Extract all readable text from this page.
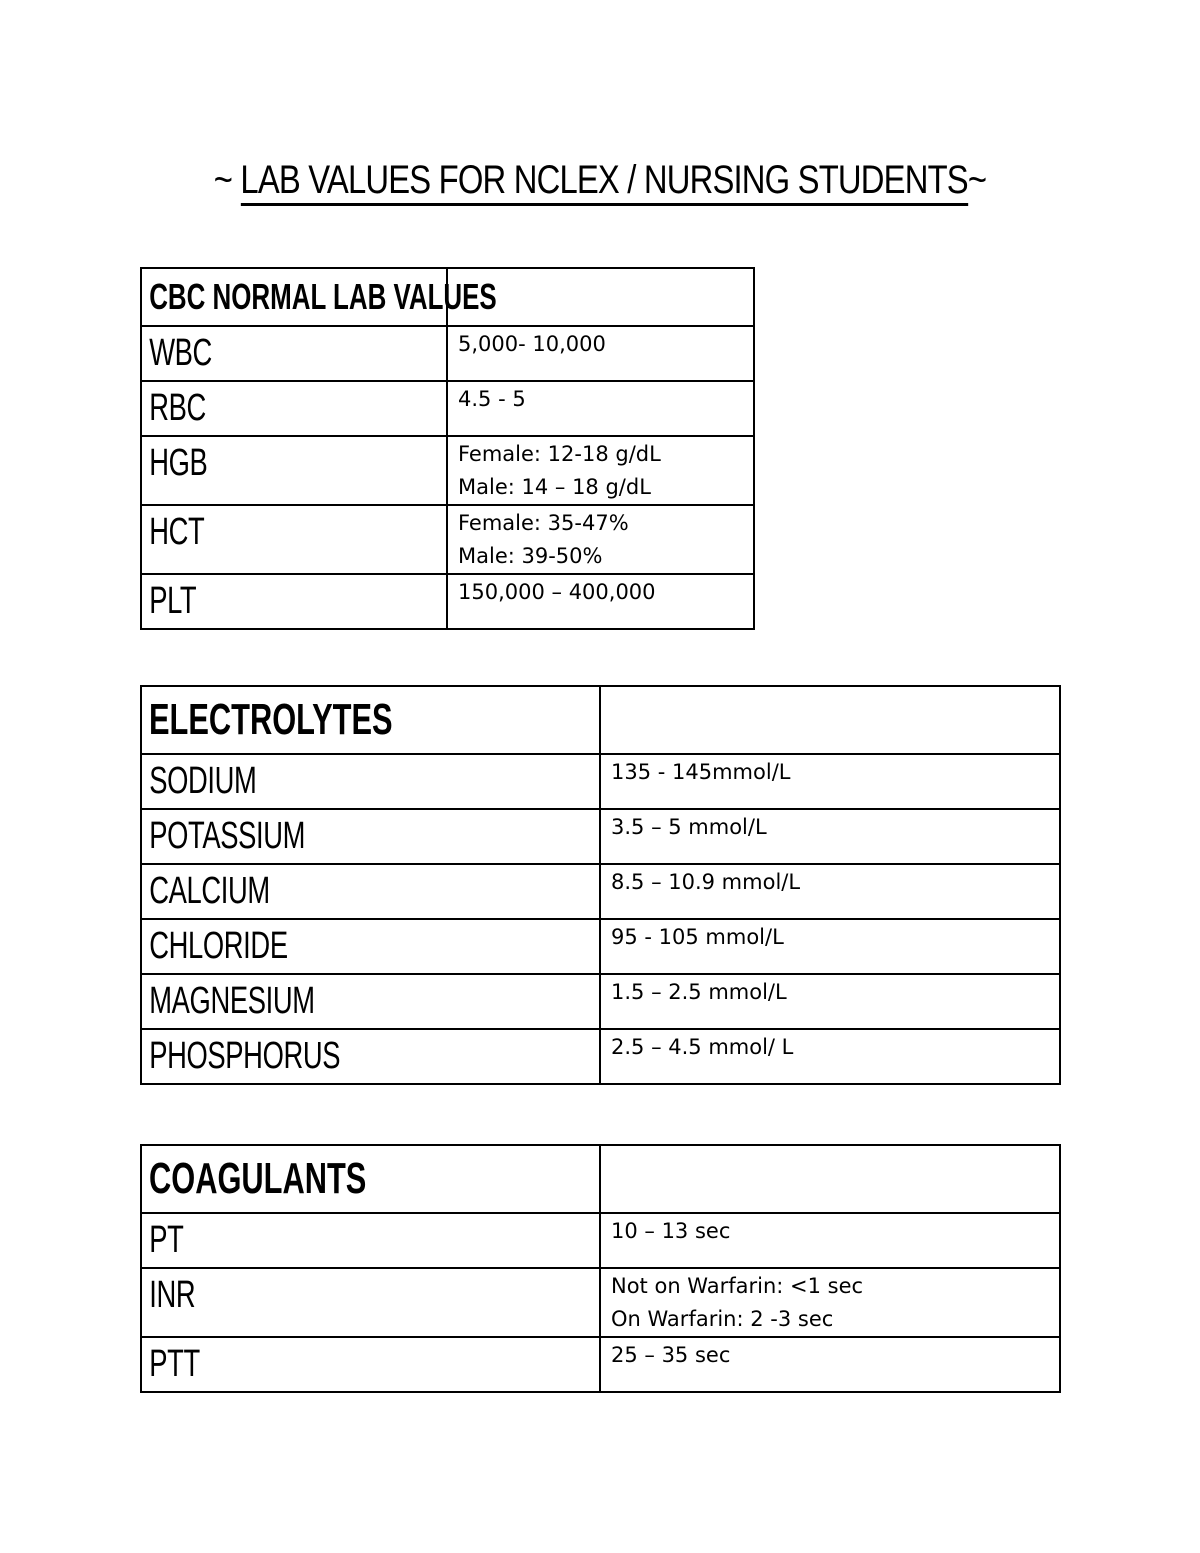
~ LAB VALUES FOR NCLEX / NURSING STUDENTS~
CBC NORMAL LAB VALUES	

WBC	5,000- 10,000

RBC	4.5 - 5

HGB	Female: 12-18 g/dL
Male: 14 – 18 g/dL

HCT	Female: 35-47%
Male: 39-50%

PLT	150,000 – 400,000
ELECTROLYTES	

SODIUM	135 - 145mmol/L

POTASSIUM	3.5 – 5 mmol/L

CALCIUM	8.5 – 10.9 mmol/L

CHLORIDE	95 - 105 mmol/L

MAGNESIUM	1.5 – 2.5 mmol/L

PHOSPHORUS	2.5 – 4.5 mmol/ L
COAGULANTS	

PT	10 – 13 sec

INR	Not on Warfarin: <1 sec
On Warfarin: 2 -3 sec

PTT	25 – 35 sec
